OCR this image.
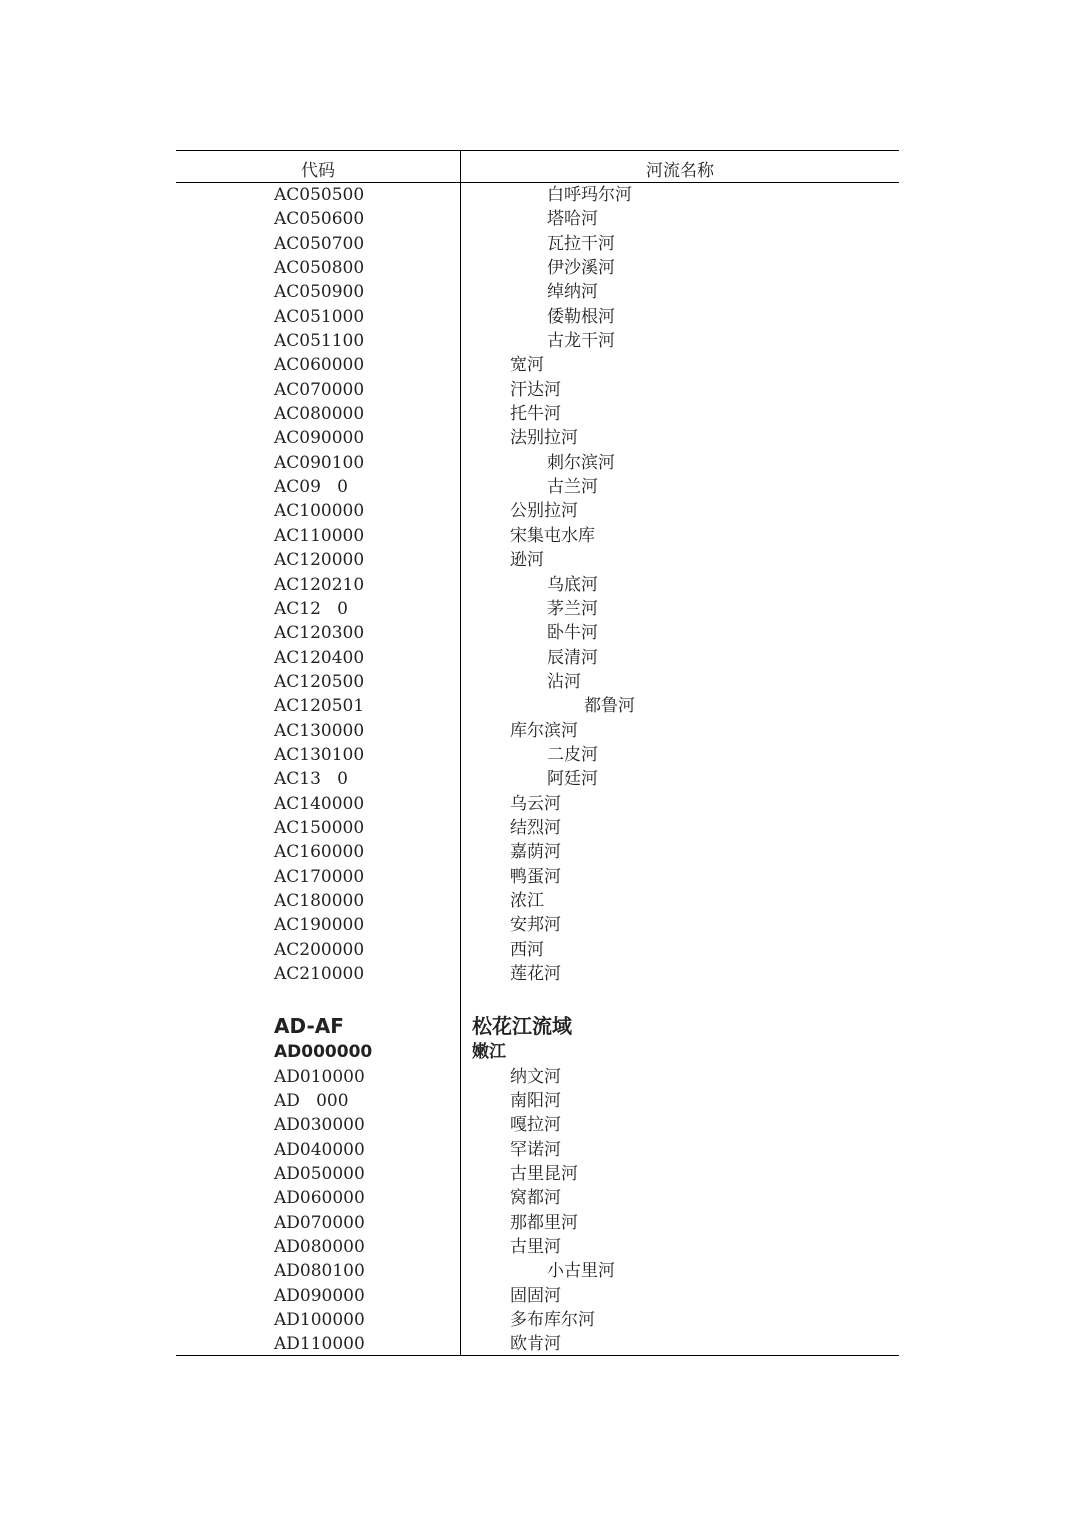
代码	河流名称
AC050500	白呼玛尔河
AC050600	塔哈河
AC050700	瓦拉干河
AC050800	伊沙溪河
AC050900	绰纳河
AC051000	倭勒根河
AC051100	古龙干河
AC060000	宽河
AC070000	汗达河
AC080000	托牛河
AC090000	法别拉河
AC090100	刺尔滨河
AC09   0	古兰河
AC100000	公别拉河
AC110000	宋集屯水库
AC120000	逊河
AC120210	乌底河
AC12   0	茅兰河
AC120300	卧牛河
AC120400	辰清河
AC120500	沾河
AC120501	都鲁河
AC130000	库尔滨河
AC130100	二皮河
AC13   0	阿廷河
AC140000	乌云河
AC150000	结烈河
AC160000	嘉荫河
AC170000	鸭蛋河
AC180000	浓江
AC190000	安邦河
AC200000	西河
AC210000	莲花河
AD-AF	松花江流域
AD000000	嫩江
AD010000	纳文河
AD   000	南阳河
AD030000	嘎拉河
AD040000	罕诺河
AD050000	古里昆河
AD060000	窝都河
AD070000	那都里河
AD080000	古里河
AD080100	小古里河
AD090000	固固河
AD100000	多布库尔河
AD110000	欧肯河
